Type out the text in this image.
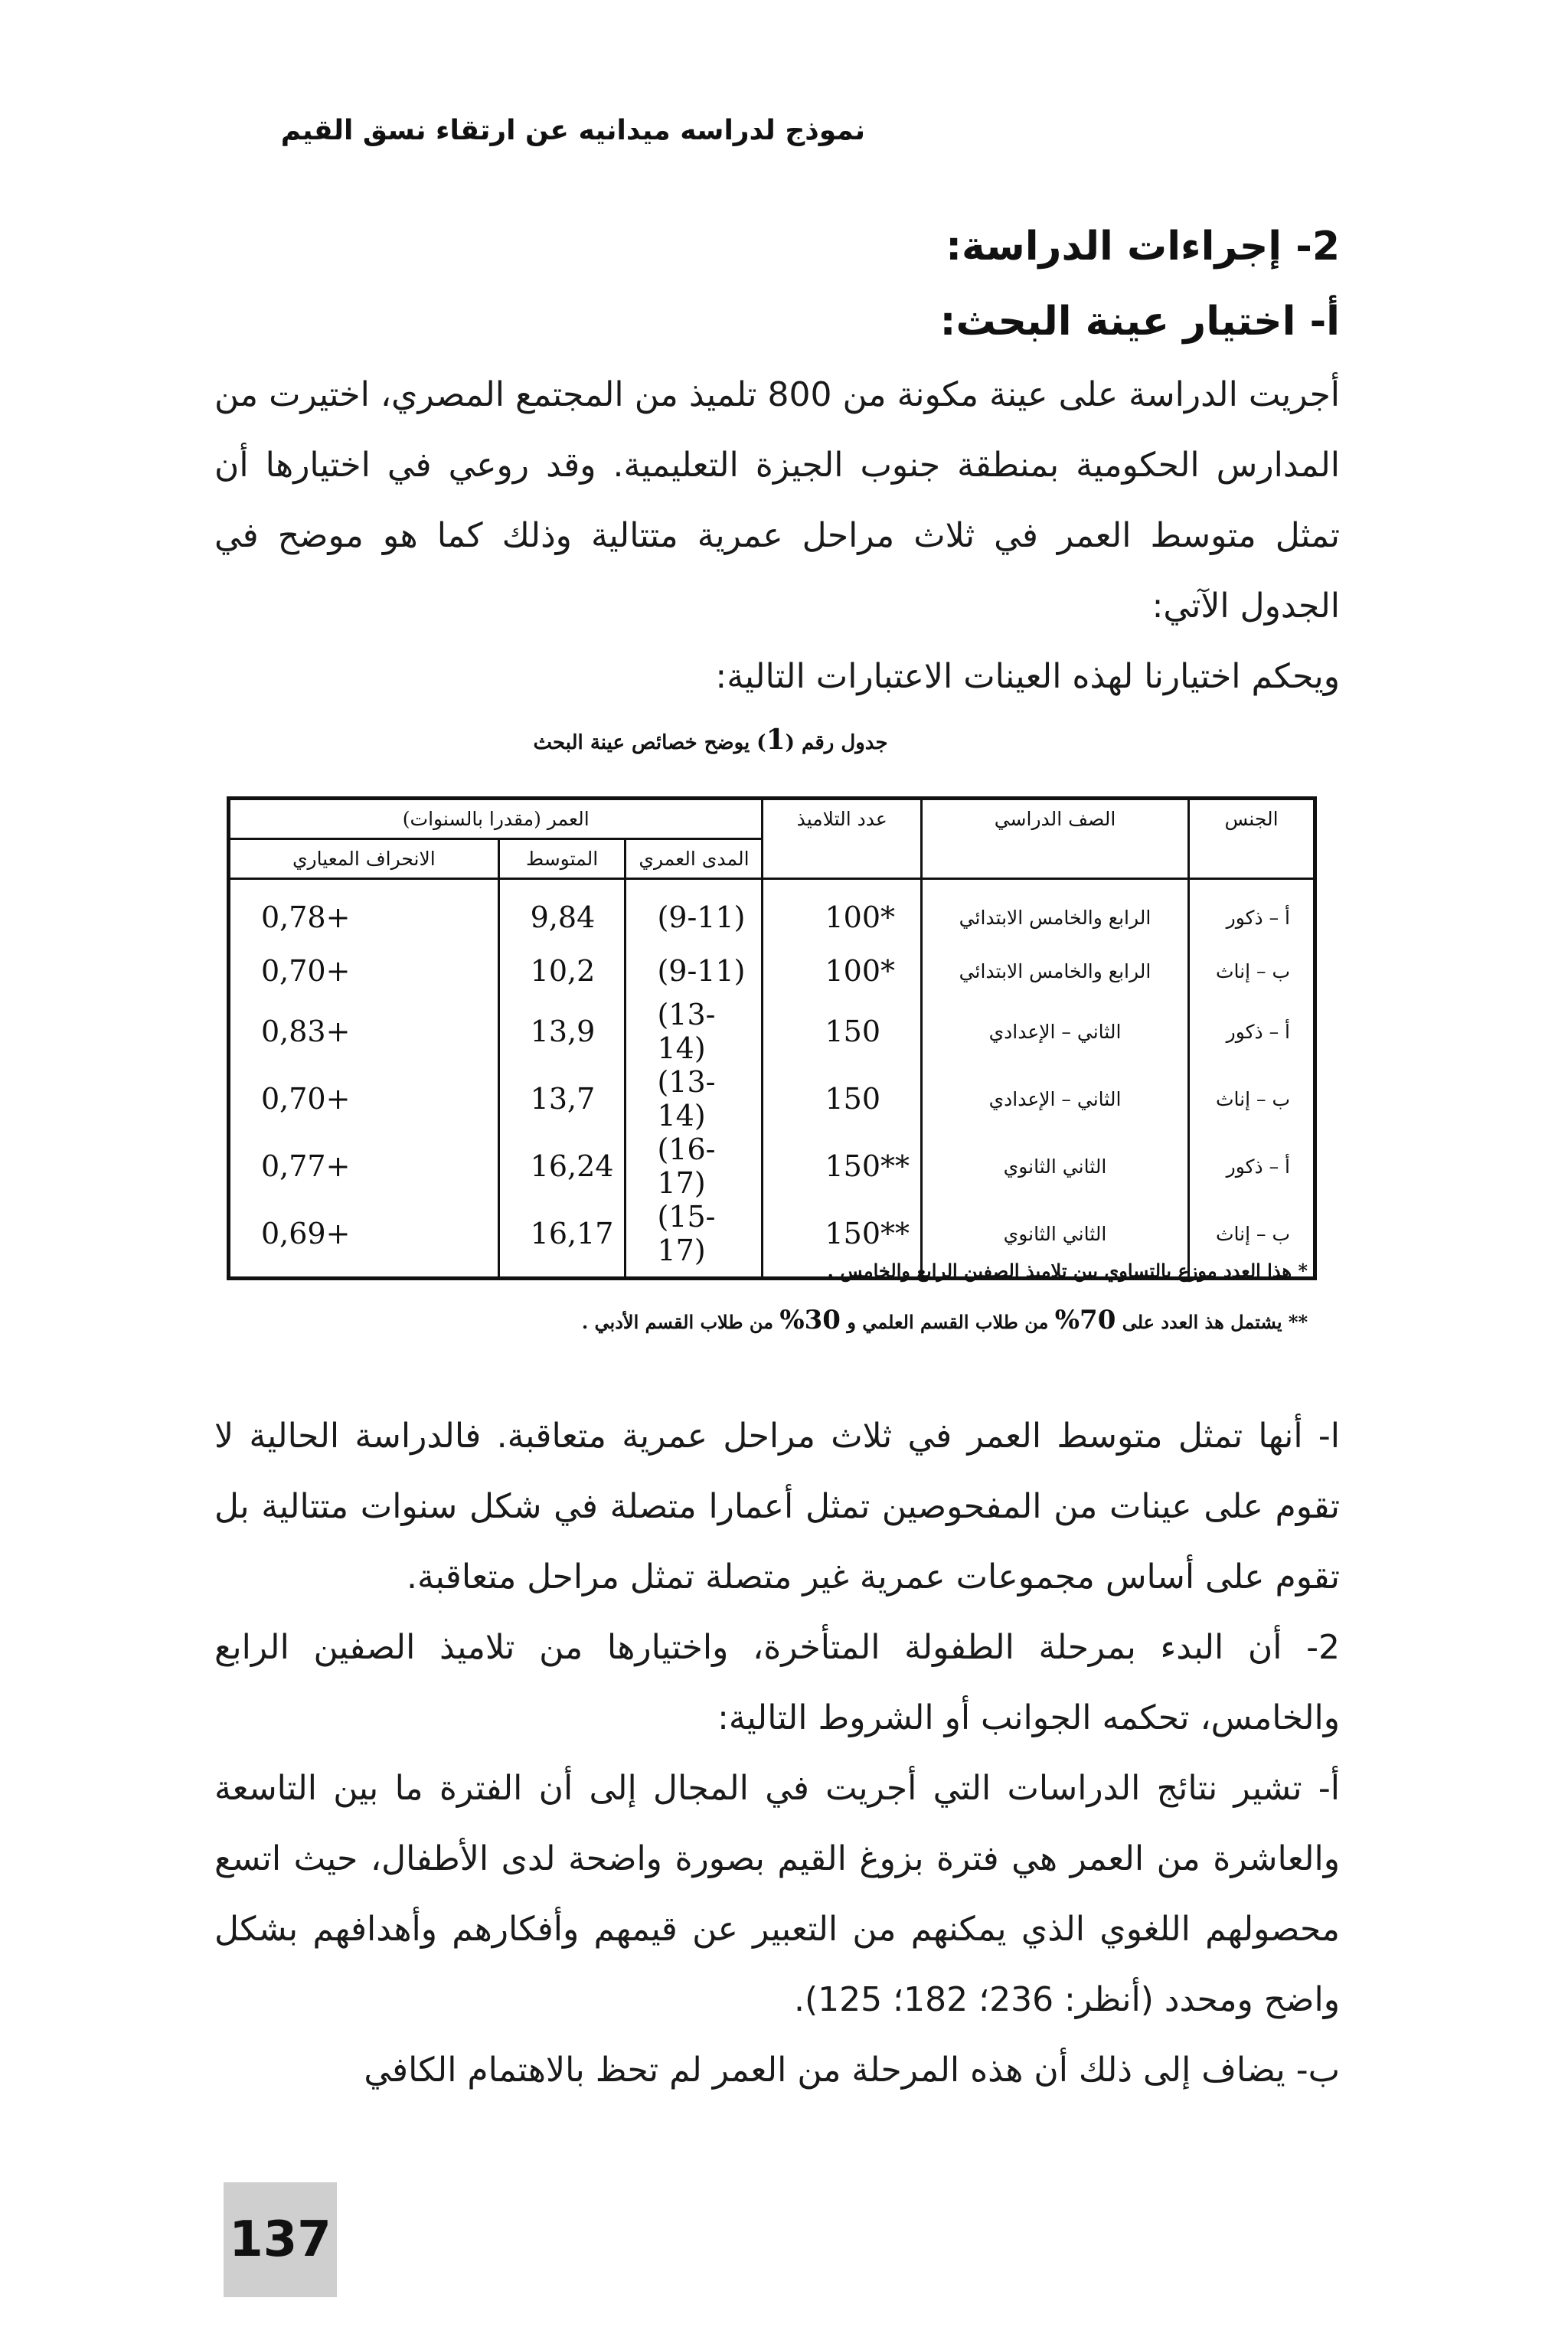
نموذج لدراسه ميدانيه عن ارتقاء نسق القيم
2- إجراءات الدراسة:
أ- اختيار عينة البحث:

أجريت الدراسة على عينة مكونة من 800 تلميذ من المجتمع المصري، اختيرت من المدارس الحكومية بمنطقة جنوب الجيزة التعليمية. وقد روعي في اختيارها أن تمثل متوسط العمر في ثلاث مراحل عمرية متتالية وذلك كما هو موضح في الجدول الآتي:

ويحكم اختيارنا لهذه العينات الاعتبارات التالية:

جدول رقم (1) يوضح خصائص عينة البحث
الجنس	الصف الدراسي	عدد التلاميذ	العمر (مقدرا بالسنوات)		
			المدى العمري	المتوسط	الانحراف المعياري
أ – ذكور	الرابع والخامس الابتدائي	100*	(9-11)	9,84	0,78+
ب – إناث	الرابع والخامس الابتدائي	100*	(9-11)	10,2	0,70+
أ – ذكور	الثاني – الإعدادي	150	(13-14)	13,9	0,83+
ب – إناث	الثاني – الإعدادي	150	(13-14)	13,7	0,70+
أ – ذكور	الثاني الثانوي	150**	(16-17)	16,24	0,77+
ب – إناث	الثاني الثانوي	150**	(15-17)	16,17	0,69+

* هذا العدد موزع بالتساوي بين تلاميذ الصفين الرابع والخامس .

** يشتمل هذ العدد على 70% من طلاب القسم العلمي و 30% من طلاب القسم الأدبي .

ا- أنها تمثل متوسط العمر في ثلاث مراحل عمرية متعاقبة. فالدراسة الحالية لا تقوم على عينات من المفحوصين تمثل أعمارا متصلة في شكل سنوات متتالية بل تقوم على أساس مجموعات عمرية غير متصلة تمثل مراحل متعاقبة.

2- أن البدء بمرحلة الطفولة المتأخرة، واختيارها من تلاميذ الصفين الرابع والخامس، تحكمه الجوانب أو الشروط التالية:

أ- تشير نتائج الدراسات التي أجريت في المجال إلى أن الفترة ما بين التاسعة والعاشرة من العمر هي فترة بزوغ القيم بصورة واضحة لدى الأطفال، حيث اتسع محصولهم اللغوي الذي يمكنهم من التعبير عن قيمهم وأفكارهم وأهدافهم بشكل واضح ومحدد (أنظر: 236؛ 182؛ 125).

ب- يضاف إلى ذلك أن هذه المرحلة من العمر لم تحظ بالاهتمام الكافي

137
